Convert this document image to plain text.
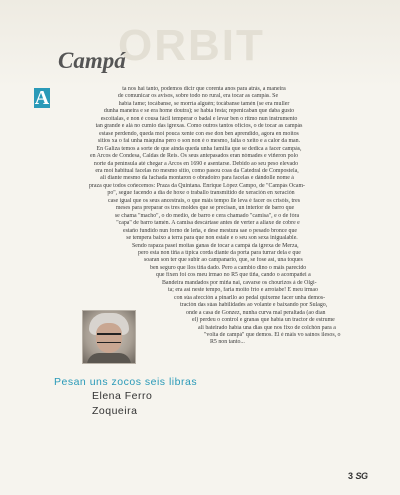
ORBIT
Campá
A	ta nos hai tanto, podemos dicir que corenta anos para atrás, a maneira
de comunicar os avisos, sobre todo no rural, era tocar as campás. Se
había fame; tocábanse, se morría alguén; tocábanse tamén (se era muller
dunha maneira e se era home doutra); se había festa; repenicaban que daba gusto
escoitalas, e non é cousa fácil temperar o badal e levar ben o ritmo nun instrumento
tan grande e alá no cumio das igrexas. Como outros tantos oficios, o de tocar as campás
estase perdendo, queda moi pouca xente con ese don ben aprendido, agora en moitos
sitios xa o fai unha máquina pero o son non é o mesmo, falta o xeito e a calor da man.
En Galiza temos a sorte de que ainda queda unha familia que se dedica a facer campás,
en Arcos de Condesa, Caldas de Reis. Os seus antepasados eran nómades e viñeron polo
norte da península até chegar a Arcos en 1690 e asentarse. Debido ao seu peso elevado
era moi habitual facelas no mesmo sitio, como pasou coas da Catedral de Compostela,
ali diante mesmo da fachada montaron o obradoiro para facelas e dándolle nome á
praza que todos coñecemos: Praza da Quintana. Enrique López Campo, de "Campás Ocam-
po", segue facendo a día de hoxe o traballo transmitido de xeración en xeración
case igual que os seus ancestrais, o que máis tempo lle leva é facer os crisóis, tres
meses para preparar os tres moldes que se precisan, un interior de barro que
se chama "macho", o do medio, de barro e cera chamado "camisa", e o de fóra
"capa" de barro tamén. A camisa descártase antes de verter a aliaxe de cobre e
estaño fundido nun forno de leña, e dese mestura sae o pesado bronce que
se tempera baixo a terra para que non estale e o seu son sexa inigualable.
Sendo rapaza pasei moitas ganas de tocar a campá da igrexa de Merza,
pero esta non tiña a típica corda diante da porta para turrar dela e que
soaran son ter que subir ao campanario, que, se fose así, una toques
ben seguro que llos tiña dado. Pero a cambio dino o máis parecido
que fixen foi cos meu irmao no R5 que tiña, cando o acompañei a
Bandeira mandados por miña nai, cavarse os chourizos á de Olgi-
ta; era así neste tempo, faria moito frío e arroiabe! E meu irmao
con súa afección a pinarllo ao pedal quixeme facer unha demos-
tración das súas habilidades ao volante e baixando por Sulago,
onde a casa de Gonzez, nunha curva mal peraltada (ao dían
el) perdeu o control e granas que había un tractor de estrume
ali bateirado había una dias que nos fixo de colchón para a
"volta de campá" que demos. El é máis vo saínos ilesos, o
R5 non tanto...
Pesan uns zocos seis libras
Elena Ferro
Zoqueira
3 SG
